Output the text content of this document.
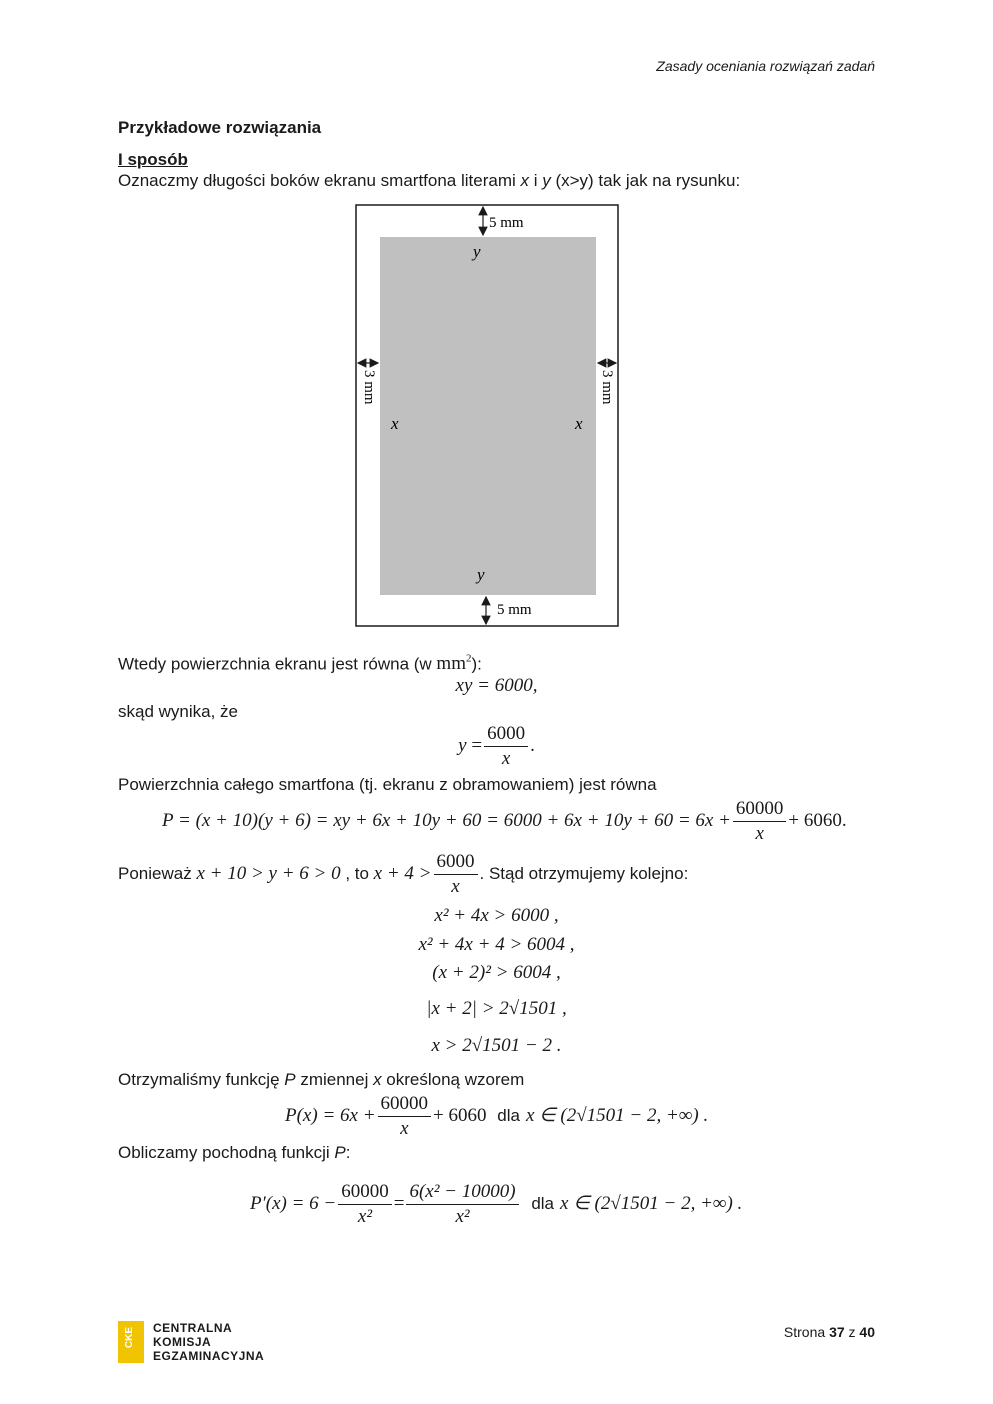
Zasady oceniania rozwiązań zadań
Przykładowe rozwiązania
I sposób
Oznaczmy długości boków ekranu smartfona literami x i y (x>y) tak jak na rysunku:
5 mm
5 mm
3 mm	3 mm
y
y
x	x
Wtedy powierzchnia ekranu jest równa (w $mm^2$):
xy = 6000,
skąd wynika, że
$y = \frac{6000}{x}$ .
Powierzchnia całego smartfona (tj. ekranu z obramowaniem) jest równa
P = (x + 10)(y + 6) = xy + $6x + 10y + 60 = 6000 + 6x + 10y + 60 = 6x + \frac{60000}{x} + 6060$.
Ponieważ x + 10 > y + 6 > 0 , to $x + 4 > \frac{6000}{x}$ . Stąd otrzymujemy kolejno:
x² + 4x > 6000 ,
x² + 4x + 4 > 6004 ,
(x + 2)² > 6004 ,
|x + 2| > 2√1501 ,
x > 2√1501 − 2 .
Otrzymaliśmy funkcję P zmiennej x określoną wzorem
$P(x) = 6x + \frac{60000}{x} + 6060$ dla x ∈ (2√1501 − 2, +∞) .
Obliczamy pochodną funkcji P:
$P'(x) = 6 - \frac{60000}{\text{x²}} = \frac{\text{6(x² − 10000)}}{\text{x²}}$ dla x ∈ (2√1501 − 2, +∞) .
CKE CENTRALNA
KOMISJA
EGZAMINACYJNA
Strona 37 z 40
